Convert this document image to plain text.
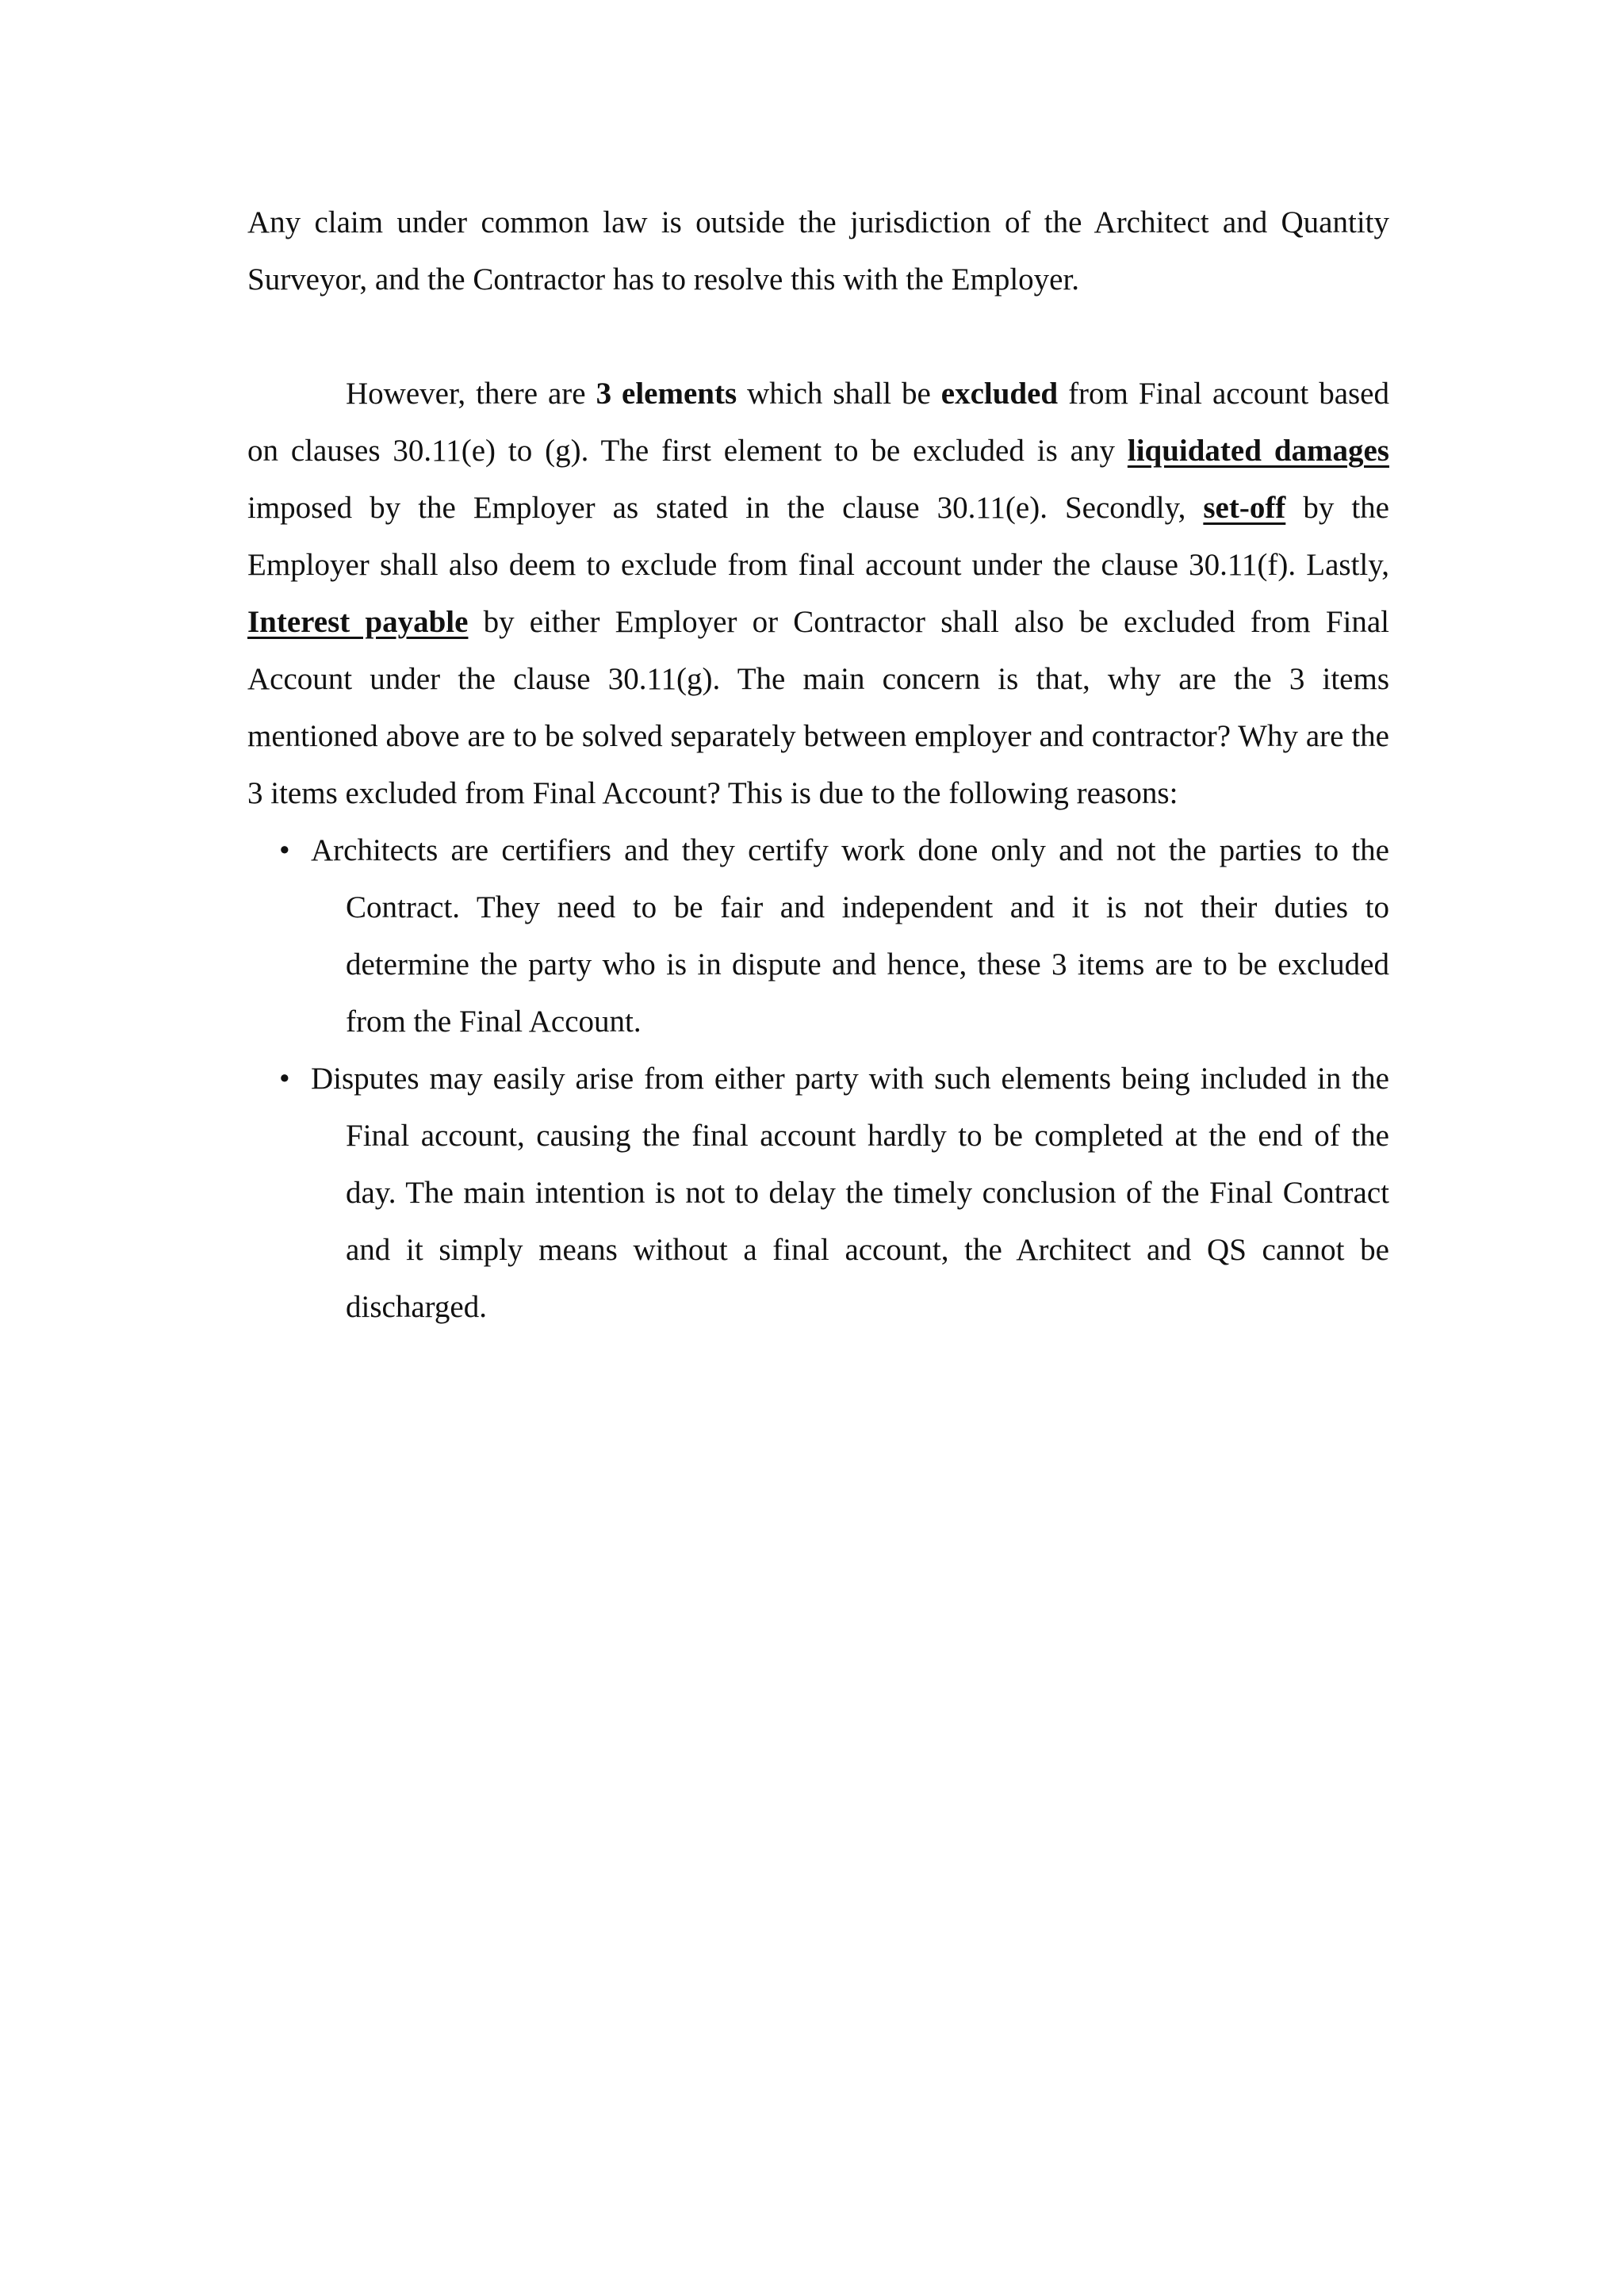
Any claim under common law is outside the jurisdiction of the Architect and Quantity Surveyor, and the Contractor has to resolve this with the Employer.

However, there are 3 elements which shall be excluded from Final account based on clauses 30.11(e) to (g). The first element to be excluded is any liquidated damages imposed by the Employer as stated in the clause 30.11(e). Secondly, set-off by the Employer shall also deem to exclude from final account under the clause 30.11(f). Lastly, Interest payable by either Employer or Contractor shall also be excluded from Final Account under the clause 30.11(g). The main concern is that, why are the 3 items mentioned above are to be solved separately between employer and contractor? Why are the 3 items excluded from Final Account? This is due to the following reasons:

• Architects are certifiers and they certify work done only and not the parties to the Contract. They need to be fair and independent and it is not their duties to determine the party who is in dispute and hence, these 3 items are to be excluded from the Final Account.
• Disputes may easily arise from either party with such elements being included in the Final account, causing the final account hardly to be completed at the end of the day. The main intention is not to delay the timely conclusion of the Final Contract and it simply means without a final account, the Architect and QS cannot be discharged.
